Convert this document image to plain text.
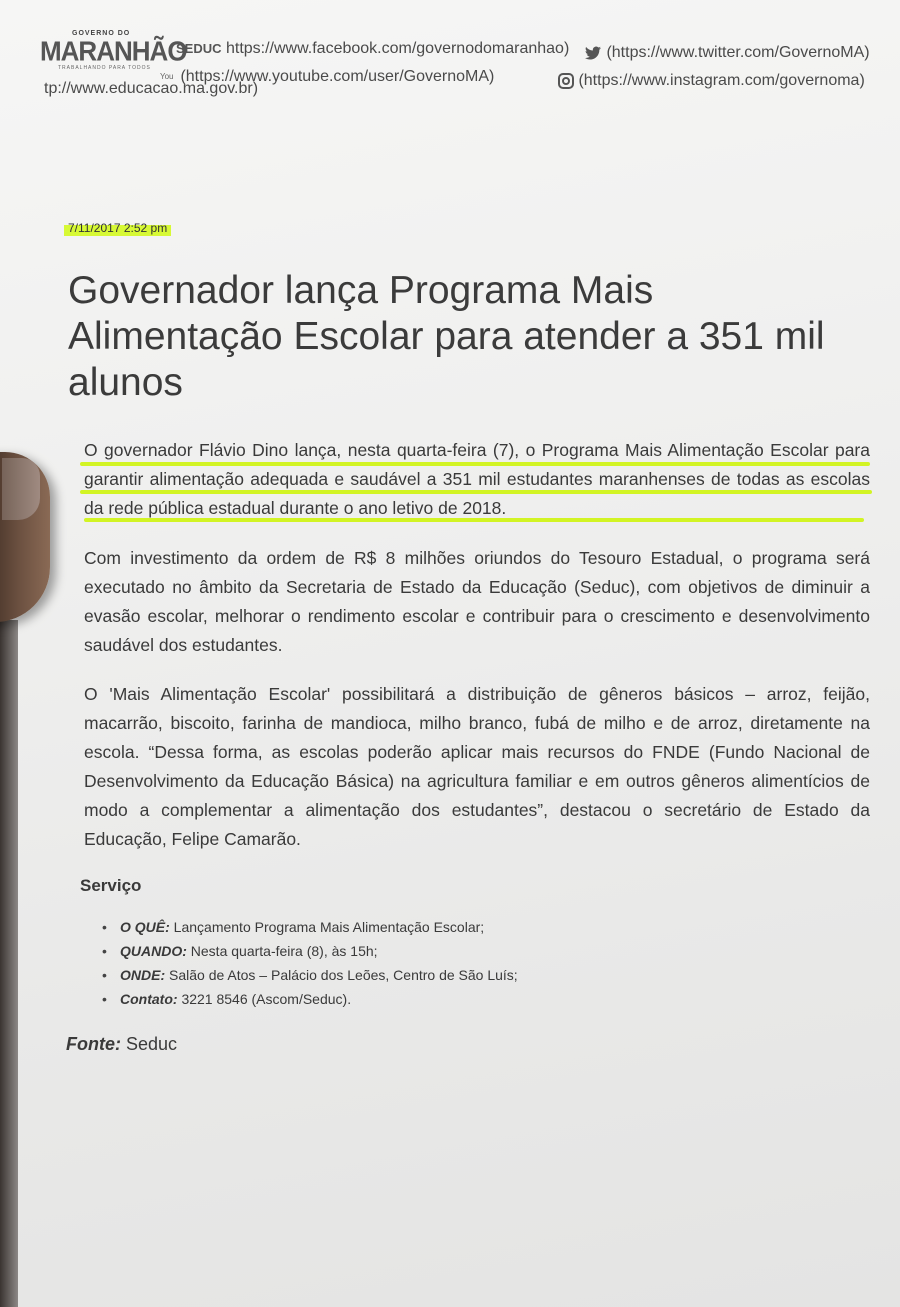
GOVERNO DO
MARANHÃO
TRABALHANDO PARA TODOS
SEDUC https://www.facebook.com/governodomaranhao)	(https://www.twitter.com/GovernoMA)
You (https://www.youtube.com/user/GovernoMA)	(https://www.instagram.com/governoma)
tp://www.educacao.ma.gov.br)
7/11/2017 2:52 pm
Governador lança Programa Mais Alimentação Escolar para atender a 351 mil alunos

O governador Flávio Dino lança, nesta quarta-feira (7), o Programa Mais Alimentação Escolar para garantir alimentação adequada e saudável a 351 mil estudantes maranhenses de todas as escolas da rede pública estadual durante o ano letivo de 2018.

Com investimento da ordem de R$ 8 milhões oriundos do Tesouro Estadual, o programa será executado no âmbito da Secretaria de Estado da Educação (Seduc), com objetivos de diminuir a evasão escolar, melhorar o rendimento escolar e contribuir para o crescimento e desenvolvimento saudável dos estudantes.

O 'Mais Alimentação Escolar' possibilitará a distribuição de gêneros básicos – arroz, feijão, macarrão, biscoito, farinha de mandioca, milho branco, fubá de milho e de arroz, diretamente na escola. “Dessa forma, as escolas poderão aplicar mais recursos do FNDE (Fundo Nacional de Desenvolvimento da Educação Básica) na agricultura familiar e em outros gêneros alimentícios de modo a complementar a alimentação dos estudantes”, destacou o secretário de Estado da Educação, Felipe Camarão.

Serviço
• O QUÊ: Lançamento Programa Mais Alimentação Escolar;
• QUANDO: Nesta quarta-feira (8), às 15h;
• ONDE: Salão de Atos – Palácio dos Leões, Centro de São Luís;
• Contato: 3221 8546 (Ascom/Seduc).
Fonte: Seduc
